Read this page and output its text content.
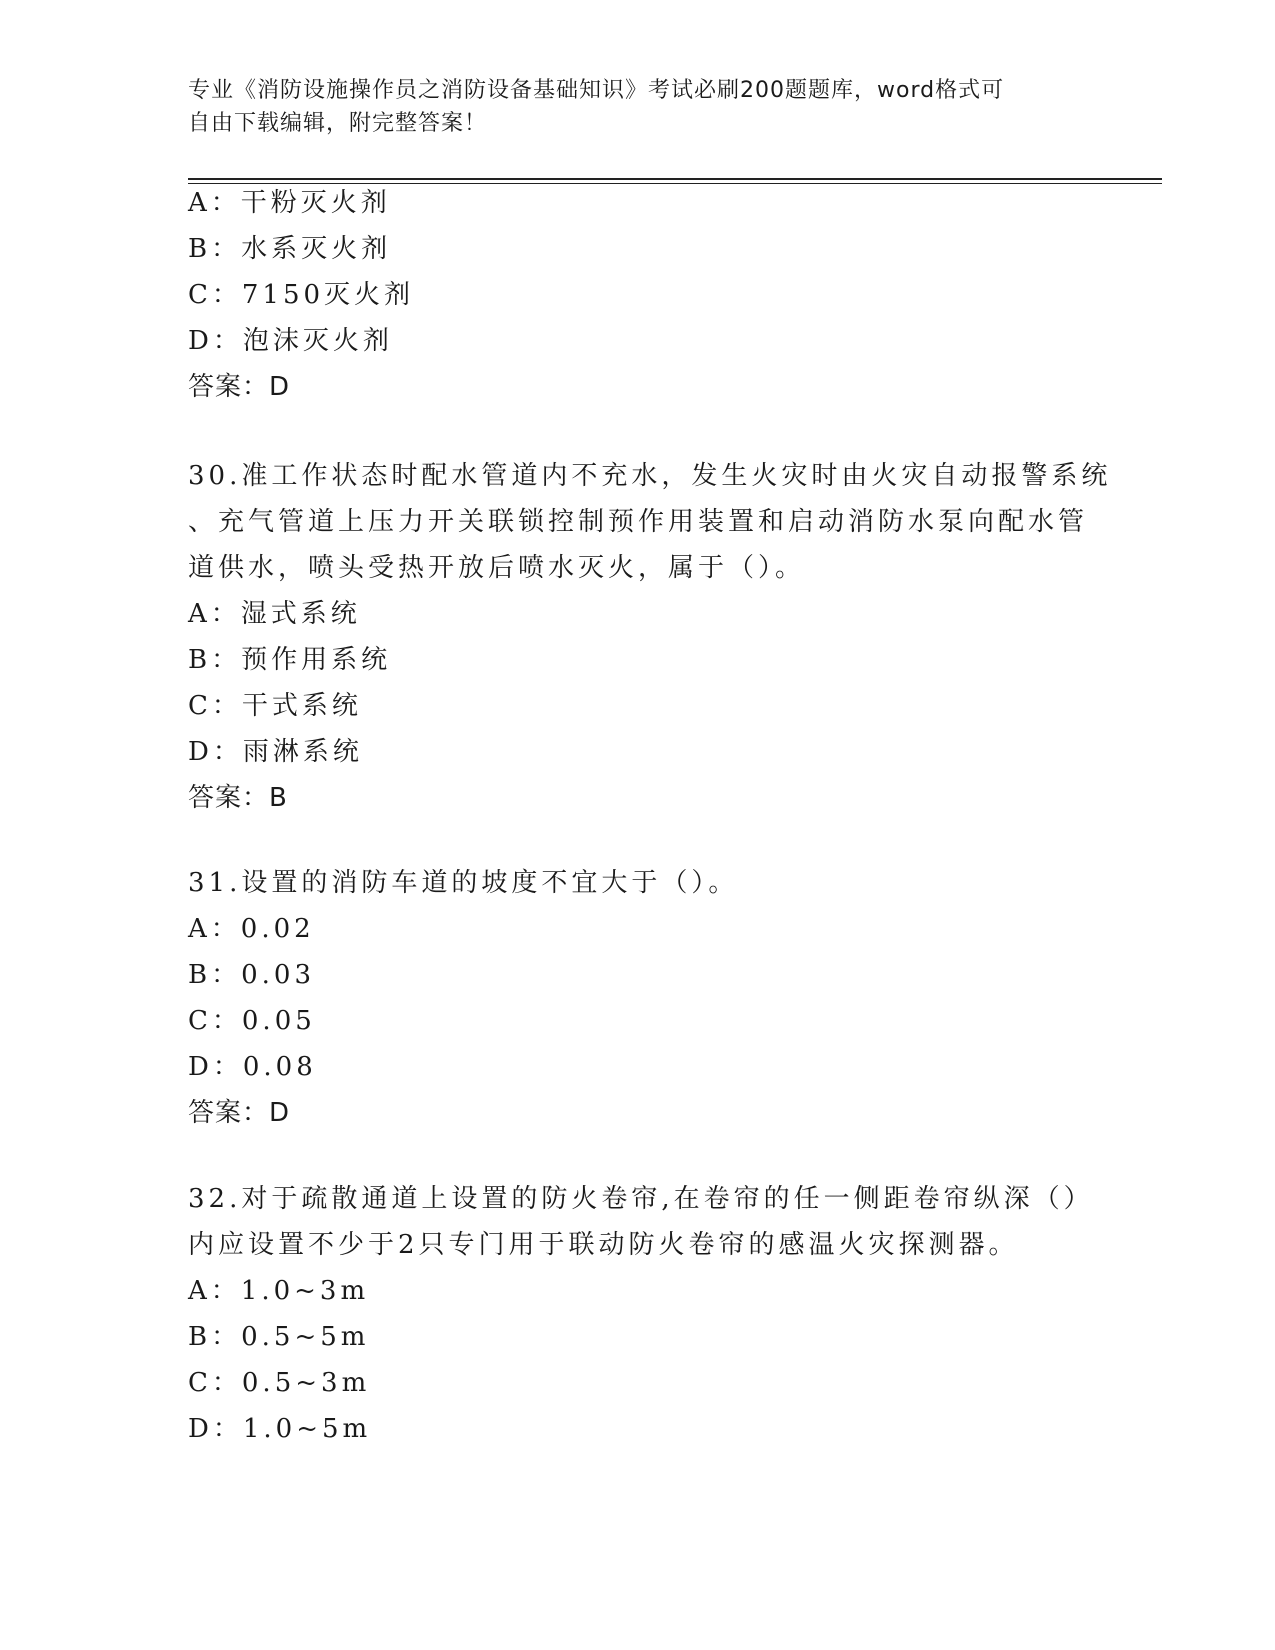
专业《消防设施操作员之消防设备基础知识》考试必刷200题题库，word格式可
自由下载编辑，附完整答案！
A：干粉灭火剂
B：水系灭火剂
C：7150灭火剂
D：泡沫灭火剂
答案：D
30.准工作状态时配水管道内不充水，发生火灾时由火灾自动报警系统
、充气管道上压力开关联锁控制预作用装置和启动消防水泵向配水管
道供水，喷头受热开放后喷水灭火，属于（）。
A：湿式系统
B：预作用系统
C：干式系统
D：雨淋系统
答案：B
31.设置的消防车道的坡度不宜大于（）。
A：0.02
B：0.03
C：0.05
D：0.08
答案：D
32.对于疏散通道上设置的防火卷帘,在卷帘的任一侧距卷帘纵深（）
内应设置不少于2只专门用于联动防火卷帘的感温火灾探测器。
A：1.0~3m
B：0.5~5m
C：0.5~3m
D：1.0~5m
